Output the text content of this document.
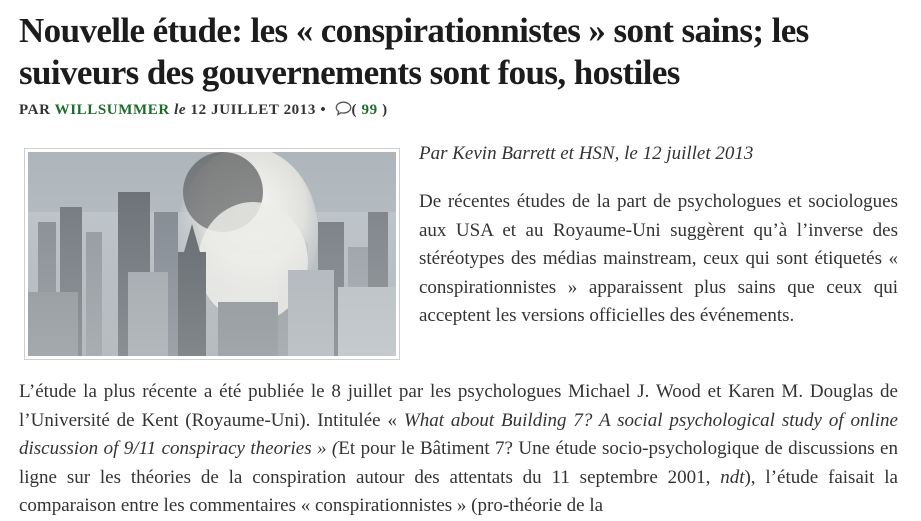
Nouvelle étude: les « conspirationnistes » sont sains; les suiveurs des gouvernements sont fous, hostiles
PAR WILLSUMMER le 12 JUILLET 2013 • ( 99 )
Par Kevin Barrett et HSN, le 12 juillet 2013

De récentes études de la part de psychologues et sociologues aux USA et au Royaume-Uni suggèrent qu’à l’inverse des stéréotypes des médias mainstream, ceux qui sont étiquetés « conspirationnistes » apparaissent plus sains que ceux qui acceptent les versions officielles des événements.

L’étude la plus récente a été publiée le 8 juillet par les psychologues Michael J. Wood et Karen M. Douglas de l’Université de Kent (Royaume-Uni). Intitulée « What about Building 7? A social psychological study of online discussion of 9/11 conspiracy theories » (Et pour le Bâtiment 7? Une étude socio-psychologique de discussions en ligne sur les théories de la conspiration autour des attentats du 11 septembre 2001, ndt), l’étude faisait la comparaison entre les commentaires « conspirationnistes » (pro-théorie de la
